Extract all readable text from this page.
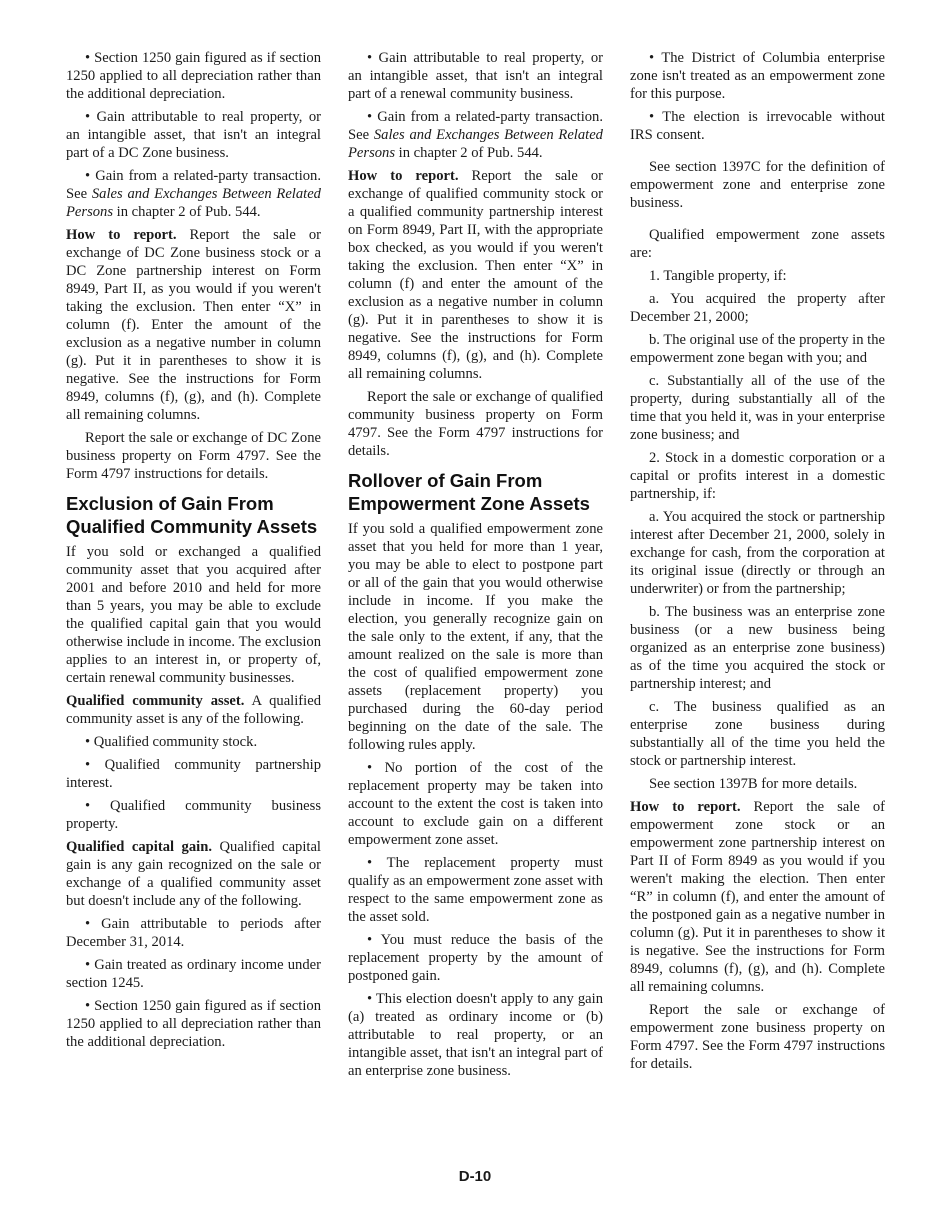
• Section 1250 gain figured as if section 1250 applied to all depreciation rather than the additional depreciation.

• Gain attributable to real property, or an intangible asset, that isn't an integral part of a DC Zone business.

• Gain from a related-party transaction. See Sales and Exchanges Between Related Persons in chapter 2 of Pub. 544.

How to report. Report the sale or exchange of DC Zone business stock or a DC Zone partnership interest on Form 8949, Part II, as you would if you weren't taking the exclusion. Then enter “X” in column (f). Enter the amount of the exclusion as a negative number in column (g). Put it in parentheses to show it is negative. See the instructions for Form 8949, columns (f), (g), and (h). Complete all remaining columns.

Report the sale or exchange of DC Zone business property on Form 4797. See the Form 4797 instructions for details.

Exclusion of Gain From Qualified Community Assets

If you sold or exchanged a qualified community asset that you acquired after 2001 and before 2010 and held for more than 5 years, you may be able to exclude the qualified capital gain that you would otherwise include in income. The exclusion applies to an interest in, or property of, certain renewal community businesses.

Qualified community asset. A qualified community asset is any of the following.

• Qualified community stock.

• Qualified community partnership interest.

• Qualified community business property.

Qualified capital gain. Qualified capital gain is any gain recognized on the sale or exchange of a qualified community asset but doesn't include any of the following.

• Gain attributable to periods after December 31, 2014.

• Gain treated as ordinary income under section 1245.

• Section 1250 gain figured as if section 1250 applied to all depreciation rather than the additional depreciation.

• Gain attributable to real property, or an intangible asset, that isn't an integral part of a renewal community business.

• Gain from a related-party transaction. See Sales and Exchanges Between Related Persons in chapter 2 of Pub. 544.

How to report. Report the sale or exchange of qualified community stock or a qualified community partnership interest on Form 8949, Part II, with the appropriate box checked, as you would if you weren't taking the exclusion. Then enter “X” in column (f) and enter the amount of the exclusion as a negative number in column (g). Put it in parentheses to show it is negative. See the instructions for Form 8949, columns (f), (g), and (h). Complete all remaining columns.

Report the sale or exchange of qualified community business property on Form 4797. See the Form 4797 instructions for details.

Rollover of Gain From Empowerment Zone Assets

If you sold a qualified empowerment zone asset that you held for more than 1 year, you may be able to elect to postpone part or all of the gain that you would otherwise include in income. If you make the election, you generally recognize gain on the sale only to the extent, if any, that the amount realized on the sale is more than the cost of qualified empowerment zone assets (replacement property) you purchased during the 60-day period beginning on the date of the sale. The following rules apply.

• No portion of the cost of the replacement property may be taken into account to the extent the cost is taken into account to exclude gain on a different empowerment zone asset.

• The replacement property must qualify as an empowerment zone asset with respect to the same empowerment zone as the asset sold.

• You must reduce the basis of the replacement property by the amount of postponed gain.

• This election doesn't apply to any gain (a) treated as ordinary income or (b) attributable to real property, or an intangible asset, that isn't an integral part of an enterprise zone business.

• The District of Columbia enterprise zone isn't treated as an empowerment zone for this purpose.

• The election is irrevocable without IRS consent.

See section 1397C for the definition of empowerment zone and enterprise zone business.

Qualified empowerment zone assets are:

1. Tangible property, if:

a. You acquired the property after December 21, 2000;

b. The original use of the property in the empowerment zone began with you; and

c. Substantially all of the use of the property, during substantially all of the time that you held it, was in your enterprise zone business; and

2. Stock in a domestic corporation or a capital or profits interest in a domestic partnership, if:

a. You acquired the stock or partnership interest after December 21, 2000, solely in exchange for cash, from the corporation at its original issue (directly or through an underwriter) or from the partnership;

b. The business was an enterprise zone business (or a new business being organized as an enterprise zone business) as of the time you acquired the stock or partnership interest; and

c. The business qualified as an enterprise zone business during substantially all of the time you held the stock or partnership interest.

See section 1397B for more details.

How to report. Report the sale of empowerment zone stock or an empowerment zone partnership interest on Part II of Form 8949 as you would if you weren't making the election. Then enter “R” in column (f), and enter the amount of the postponed gain as a negative number in column (g). Put it in parentheses to show it is negative. See the instructions for Form 8949, columns (f), (g), and (h). Complete all remaining columns.

Report the sale or exchange of empowerment zone business property on Form 4797. See the Form 4797 instructions for details.

D-10
